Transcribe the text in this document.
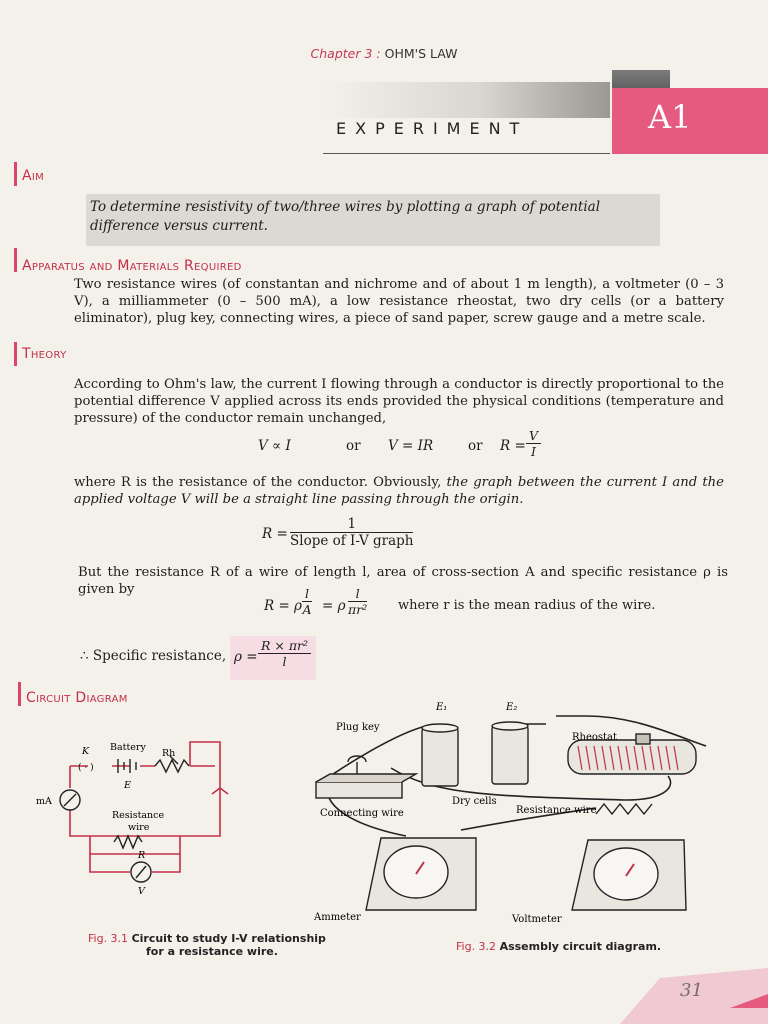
Chapter 3 : OHM'S LAW
EXPERIMENT	A1
Aim
To determine resistivity of two/three wires by plotting a graph of potential difference versus current.
Apparatus and Materials Required
Two resistance wires (of constantan and nichrome and of about 1 m length), a voltmeter (0 – 3 V), a milliammeter (0 – 500 mA), a low resistance rheostat, two dry cells (or a battery eliminator), plug key, connecting wires, a piece of sand paper, screw gauge and a metre scale.
Theory
According to Ohm's law, the current I flowing through a conductor is directly proportional to the potential difference V applied across its ends provided the physical conditions (temperature and pressure) of the conductor remain unchanged,
V ∝ I	or V = IR	or $R = \frac{V}{I}$
where R is the resistance of the conductor. Obviously, the graph between the current I and the applied voltage V will be a straight line passing through the origin.
R =
1
Slope of I-V graph
But the resistance R of a wire of length l, area of cross-section A and specific resistance ρ is given by
R = ρ $\frac{l}{A} = \rho \frac{l}{\text{πr²}}$ where r is the mean radius of the wire.
∴ Specific resistance, $\rho = \frac{\text{R × πr²}}{l}$
Circuit Diagram
K
( · )
Battery
Rh
E
mA
Resistance
wire
R
V
Plug key
E₁	E₂
Rheostat
Dry cells
Connecting wire	Resistance wire
Ammeter	Voltmeter
Fig. 3.1 Circuit to study I-V relationship
for a resistance wire.	Fig. 3.2 Assembly circuit diagram.
31
